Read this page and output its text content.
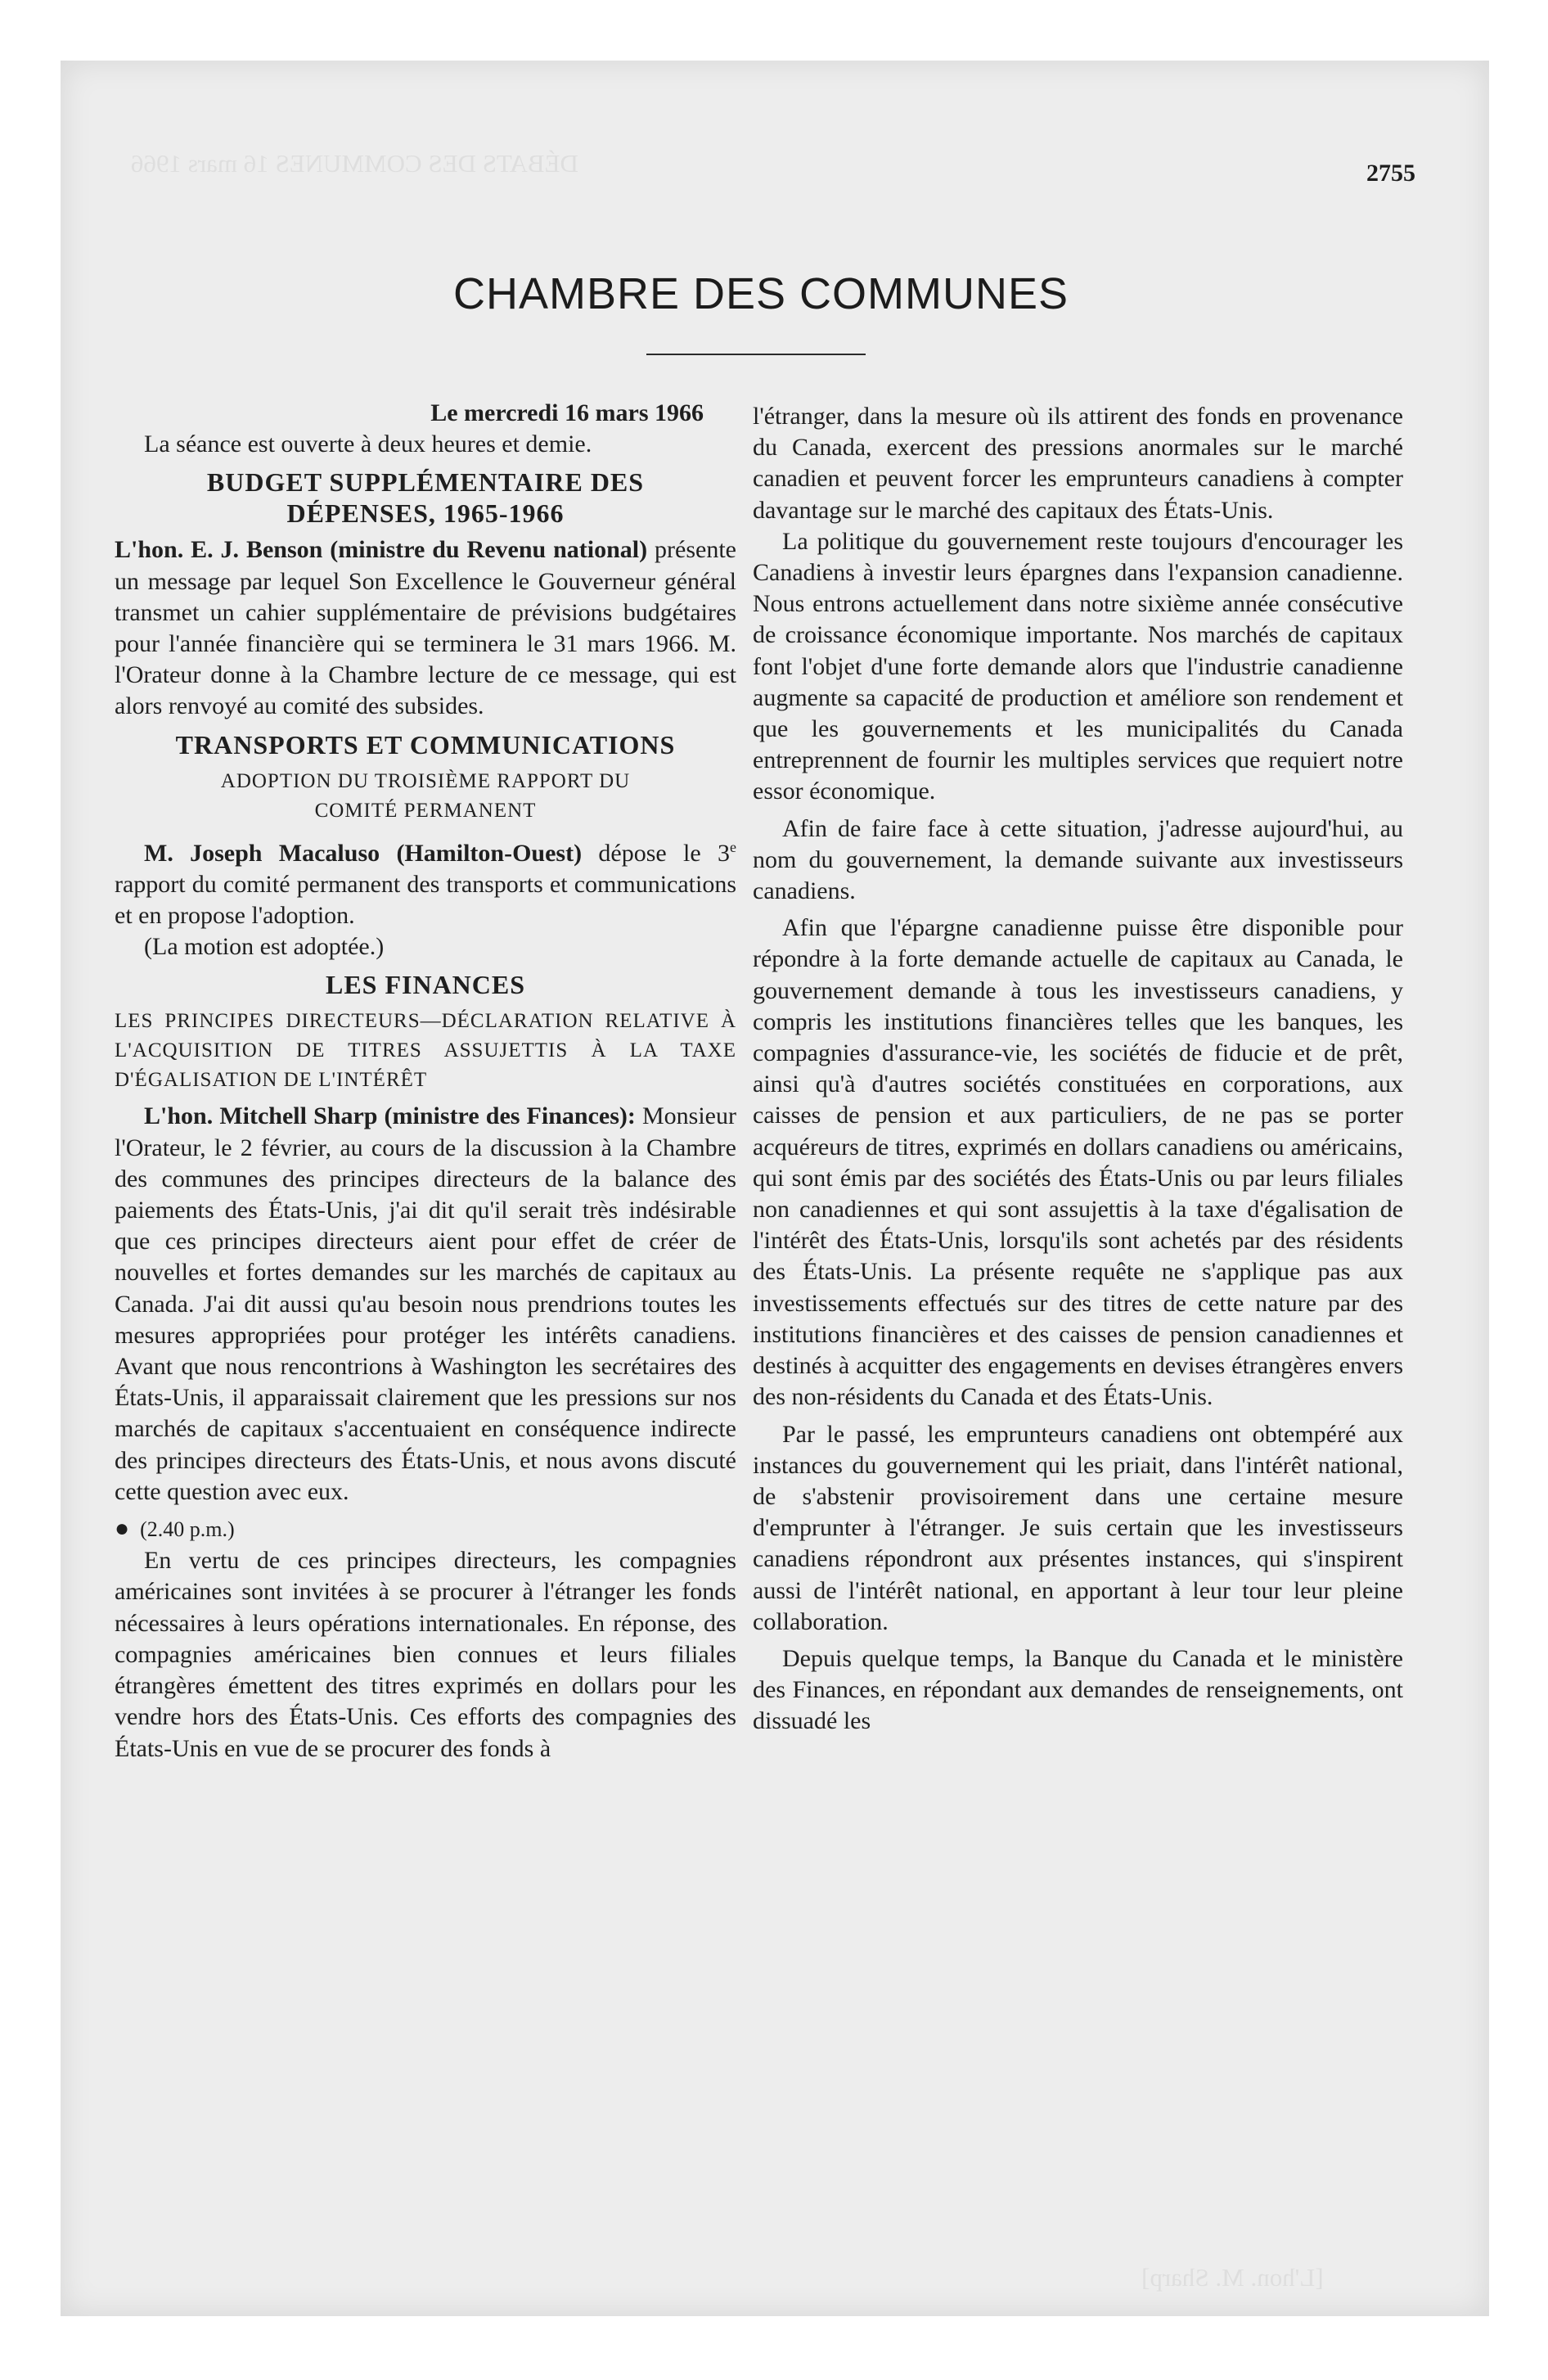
DÉBATS DES COMMUNES 16 mars 1966
[L'hon. M. Sharp]
2755
CHAMBRE DES COMMUNES

Le mercredi 16 mars 1966

La séance est ouverte à deux heures et demie.

BUDGET SUPPLÉMENTAIRE DES

DÉPENSES, 1965-1966

L'hon. E. J. Benson (ministre du Revenu national) présente un message par lequel Son Excellence le Gouverneur général transmet un cahier supplémentaire de prévisions budgétaires pour l'année financière qui se terminera le 31 mars 1966. M. l'Orateur donne à la Chambre lecture de ce message, qui est alors renvoyé au comité des subsides.

TRANSPORTS ET COMMUNICATIONS

ADOPTION DU TROISIÈME RAPPORT DU

COMITÉ PERMANENT

M. Joseph Macaluso (Hamilton-Ouest) dépose le 3e rapport du comité permanent des transports et communications et en propose l'adoption.

(La motion est adoptée.)

LES FINANCES

LES PRINCIPES DIRECTEURS—DÉCLARATION RELATIVE À L'ACQUISITION DE TITRES ASSUJETTIS À LA TAXE D'ÉGALISATION DE L'INTÉRÊT

L'hon. Mitchell Sharp (ministre des Finances): Monsieur l'Orateur, le 2 février, au cours de la discussion à la Chambre des communes des principes directeurs de la balance des paiements des États-Unis, j'ai dit qu'il serait très indésirable que ces principes directeurs aient pour effet de créer de nouvelles et fortes demandes sur les marchés de capitaux au Canada. J'ai dit aussi qu'au besoin nous prendrions toutes les mesures appropriées pour protéger les intérêts canadiens. Avant que nous rencontrions à Washington les secrétaires des États-Unis, il apparaissait clairement que les pressions sur nos marchés de capitaux s'accentuaient en conséquence indirecte des principes directeurs des États-Unis, et nous avons discuté cette question avec eux.

● (2.40 p.m.)

En vertu de ces principes directeurs, les compagnies américaines sont invitées à se procurer à l'étranger les fonds nécessaires à leurs opérations internationales. En réponse, des compagnies américaines bien connues et leurs filiales étrangères émettent des titres exprimés en dollars pour les vendre hors des États-Unis. Ces efforts des compagnies des États-Unis en vue de se procurer des fonds à

l'étranger, dans la mesure où ils attirent des fonds en provenance du Canada, exercent des pressions anormales sur le marché canadien et peuvent forcer les emprunteurs canadiens à compter davantage sur le marché des capitaux des États-Unis.

La politique du gouvernement reste toujours d'encourager les Canadiens à investir leurs épargnes dans l'expansion canadienne. Nous entrons actuellement dans notre sixième année consécutive de croissance économique importante. Nos marchés de capitaux font l'objet d'une forte demande alors que l'industrie canadienne augmente sa capacité de production et améliore son rendement et que les gouvernements et les municipalités du Canada entreprennent de fournir les multiples services que requiert notre essor économique.

Afin de faire face à cette situation, j'adresse aujourd'hui, au nom du gouvernement, la demande suivante aux investisseurs canadiens.

Afin que l'épargne canadienne puisse être disponible pour répondre à la forte demande actuelle de capitaux au Canada, le gouvernement demande à tous les investisseurs canadiens, y compris les institutions financières telles que les banques, les compagnies d'assurance-vie, les sociétés de fiducie et de prêt, ainsi qu'à d'autres sociétés constituées en corporations, aux caisses de pension et aux particuliers, de ne pas se porter acquéreurs de titres, exprimés en dollars canadiens ou américains, qui sont émis par des sociétés des États-Unis ou par leurs filiales non canadiennes et qui sont assujettis à la taxe d'égalisation de l'intérêt des États-Unis, lorsqu'ils sont achetés par des résidents des États-Unis. La présente requête ne s'applique pas aux investissements effectués sur des titres de cette nature par des institutions financières et des caisses de pension canadiennes et destinés à acquitter des engagements en devises étrangères envers des non-résidents du Canada et des États-Unis.

Par le passé, les emprunteurs canadiens ont obtempéré aux instances du gouvernement qui les priait, dans l'intérêt national, de s'abstenir provisoirement dans une certaine mesure d'emprunter à l'étranger. Je suis certain que les investisseurs canadiens répondront aux présentes instances, qui s'inspirent aussi de l'intérêt national, en apportant à leur tour leur pleine collaboration.

Depuis quelque temps, la Banque du Canada et le ministère des Finances, en répondant aux demandes de renseignements, ont dissuadé les
